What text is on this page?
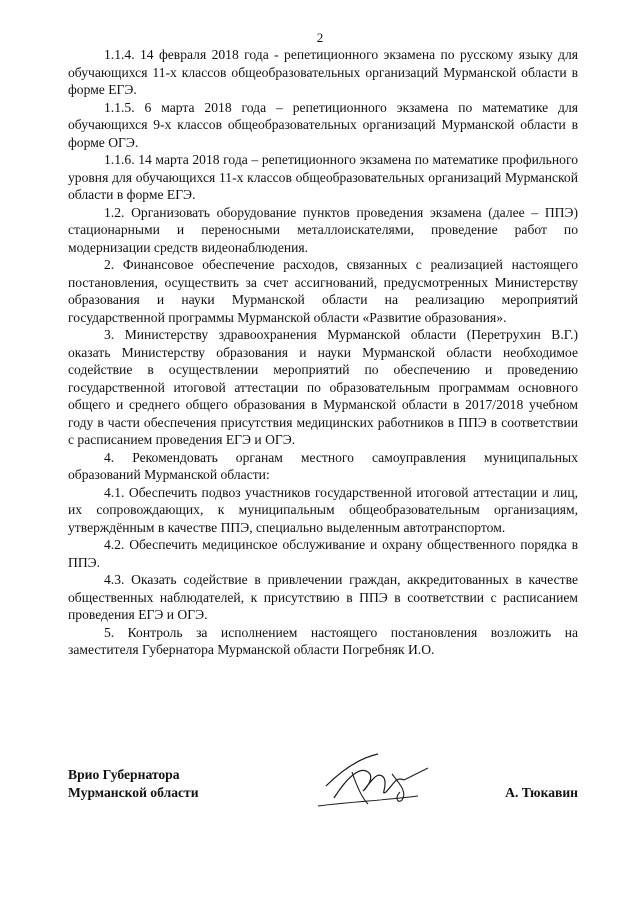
2

1.1.4. 14 февраля 2018 года - репетиционного экзамена по русскому языку для обучающихся 11-х классов общеобразовательных организаций Мурманской области в форме ЕГЭ.

1.1.5. 6 марта 2018 года – репетиционного экзамена по математике для обучающихся 9-х классов общеобразовательных организаций Мурманской области в форме ОГЭ.

1.1.6. 14 марта 2018 года – репетиционного экзамена по математике профильного уровня для обучающихся 11-х классов общеобразовательных организаций Мурманской области в форме ЕГЭ.

1.2. Организовать оборудование пунктов проведения экзамена (далее – ППЭ) стационарными и переносными металлоискателями, проведение работ по модернизации средств видеонаблюдения.

2. Финансовое обеспечение расходов, связанных с реализацией настоящего постановления, осуществить за счет ассигнований, предусмотренных Министерству образования и науки Мурманской области на реализацию мероприятий государственной программы Мурманской области «Развитие образования».

3. Министерству здравоохранения Мурманской области (Перетрухин В.Г.) оказать Министерству образования и науки Мурманской области необходимое содействие в осуществлении мероприятий по обеспечению и проведению государственной итоговой аттестации по образовательным программам основного общего и среднего общего образования в Мурманской области в 2017/2018 учебном году в части обеспечения присутствия медицинских работников в ППЭ в соответствии с расписанием проведения ЕГЭ и ОГЭ.

4. Рекомендовать органам местного самоуправления муниципальных образований Мурманской области:

4.1. Обеспечить подвоз участников государственной итоговой аттестации и лиц, их сопровождающих, к муниципальным общеобразовательным организациям, утверждённым в качестве ППЭ, специально выделенным автотранспортом.

4.2. Обеспечить медицинское обслуживание и охрану общественного порядка в ППЭ.

4.3. Оказать содействие в привлечении граждан, аккредитованных в качестве общественных наблюдателей, к присутствию в ППЭ в соответствии с расписанием проведения ЕГЭ и ОГЭ.

5. Контроль за исполнением настоящего постановления возложить на заместителя Губернатора Мурманской области Погребняк И.О.

Врио Губернатора
Мурманской области	А. Тюкавин
